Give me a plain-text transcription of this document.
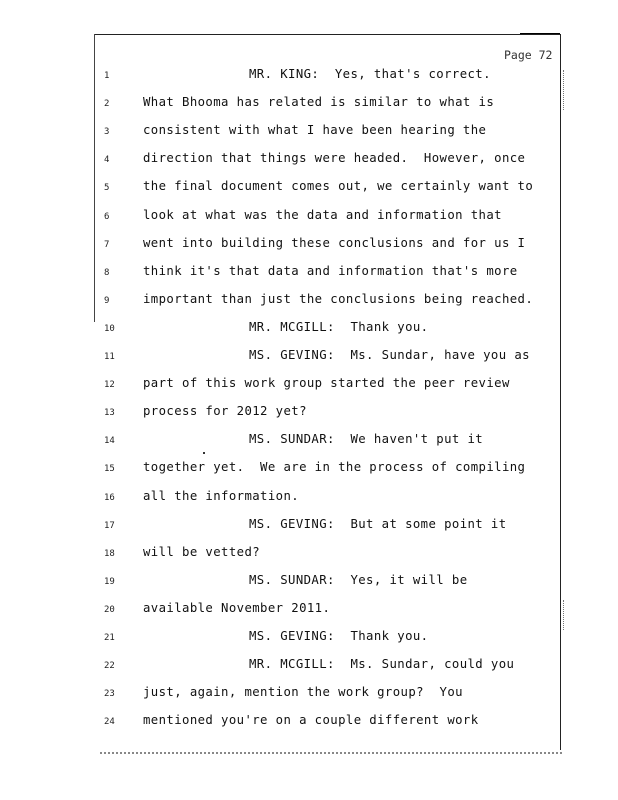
Page 72
1	MR. KING:  Yes, that's correct.
2	What Bhooma has related is similar to what is
3	consistent with what I have been hearing the
4	direction that things were headed.  However, once
5	the final document comes out, we certainly want to
6	look at what was the data and information that
7	went into building these conclusions and for us I
8	think it's that data and information that's more
9	important than just the conclusions being reached.
10	MR. MCGILL:  Thank you.
11	MS. GEVING:  Ms. Sundar, have you as
12	part of this work group started the peer review
13	process for 2012 yet?
14	MS. SUNDAR:  We haven't put it
15	together yet.  We are in the process of compiling
16	all the information.
17	MS. GEVING:  But at some point it
18	will be vetted?
19	MS. SUNDAR:  Yes, it will be
20	available November 2011.
21	MS. GEVING:  Thank you.
22	MR. MCGILL:  Ms. Sundar, could you
23	just, again, mention the work group?  You
24	mentioned you're on a couple different work
